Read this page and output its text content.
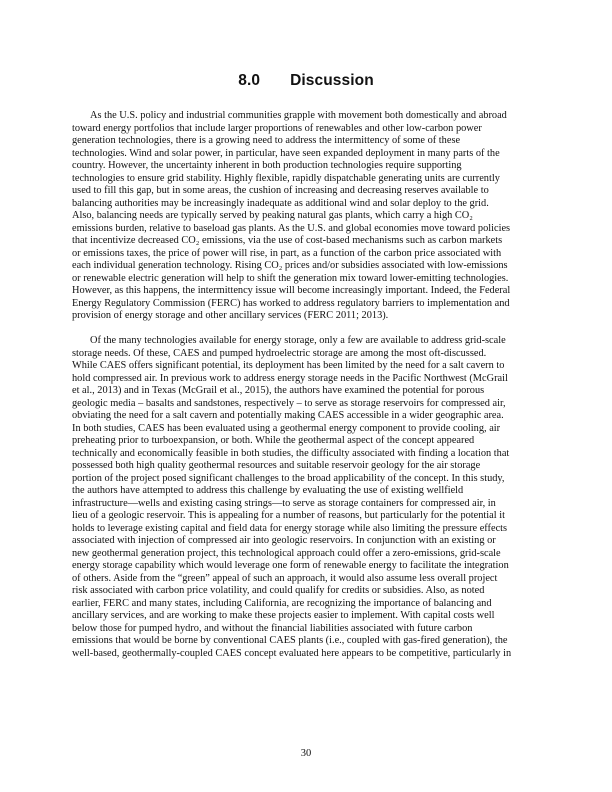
8.0 Discussion

As the U.S. policy and industrial communities grapple with movement both domestically and abroad
toward energy portfolios that include larger proportions of renewables and other low-carbon power
generation technologies, there is a growing need to address the intermittency of some of these
technologies. Wind and solar power, in particular, have seen expanded deployment in many parts of the
country. However, the uncertainty inherent in both production technologies require supporting
technologies to ensure grid stability. Highly flexible, rapidly dispatchable generating units are currently
used to fill this gap, but in some areas, the cushion of increasing and decreasing reserves available to
balancing authorities may be increasingly inadequate as additional wind and solar deploy to the grid.
Also, balancing needs are typically served by peaking natural gas plants, which carry a high CO₂
emissions burden, relative to baseload gas plants. As the U.S. and global economies move toward policies
that incentivize decreased CO₂ emissions, via the use of cost-based mechanisms such as carbon markets
or emissions taxes, the price of power will rise, in part, as a function of the carbon price associated with
each individual generation technology. Rising CO₂ prices and/or subsidies associated with low-emissions
or renewable electric generation will help to shift the generation mix toward lower-emitting technologies.
However, as this happens, the intermittency issue will become increasingly important. Indeed, the Federal
Energy Regulatory Commission (FERC) has worked to address regulatory barriers to implementation and
provision of energy storage and other ancillary services (FERC 2011; 2013).

Of the many technologies available for energy storage, only a few are available to address grid-scale
storage needs. Of these, CAES and pumped hydroelectric storage are among the most oft-discussed.
While CAES offers significant potential, its deployment has been limited by the need for a salt cavern to
hold compressed air. In previous work to address energy storage needs in the Pacific Northwest (McGrail
et al., 2013) and in Texas (McGrail et al., 2015), the authors have examined the potential for porous
geologic media – basalts and sandstones, respectively – to serve as storage reservoirs for compressed air,
obviating the need for a salt cavern and potentially making CAES accessible in a wider geographic area.
In both studies, CAES has been evaluated using a geothermal energy component to provide cooling, air
preheating prior to turboexpansion, or both. While the geothermal aspect of the concept appeared
technically and economically feasible in both studies, the difficulty associated with finding a location that
possessed both high quality geothermal resources and suitable reservoir geology for the air storage
portion of the project posed significant challenges to the broad applicability of the concept. In this study,
the authors have attempted to address this challenge by evaluating the use of existing wellfield
infrastructure—wells and existing casing strings—to serve as storage containers for compressed air, in
lieu of a geologic reservoir. This is appealing for a number of reasons, but particularly for the potential it
holds to leverage existing capital and field data for energy storage while also limiting the pressure effects
associated with injection of compressed air into geologic reservoirs. In conjunction with an existing or
new geothermal generation project, this technological approach could offer a zero-emissions, grid-scale
energy storage capability which would leverage one form of renewable energy to facilitate the integration
of others. Aside from the “green” appeal of such an approach, it would also assume less overall project
risk associated with carbon price volatility, and could qualify for credits or subsidies. Also, as noted
earlier, FERC and many states, including California, are recognizing the importance of balancing and
ancillary services, and are working to make these projects easier to implement. With capital costs well
below those for pumped hydro, and without the financial liabilities associated with future carbon
emissions that would be borne by conventional CAES plants (i.e., coupled with gas-fired generation), the
well-based, geothermally-coupled CAES concept evaluated here appears to be competitive, particularly in

30
